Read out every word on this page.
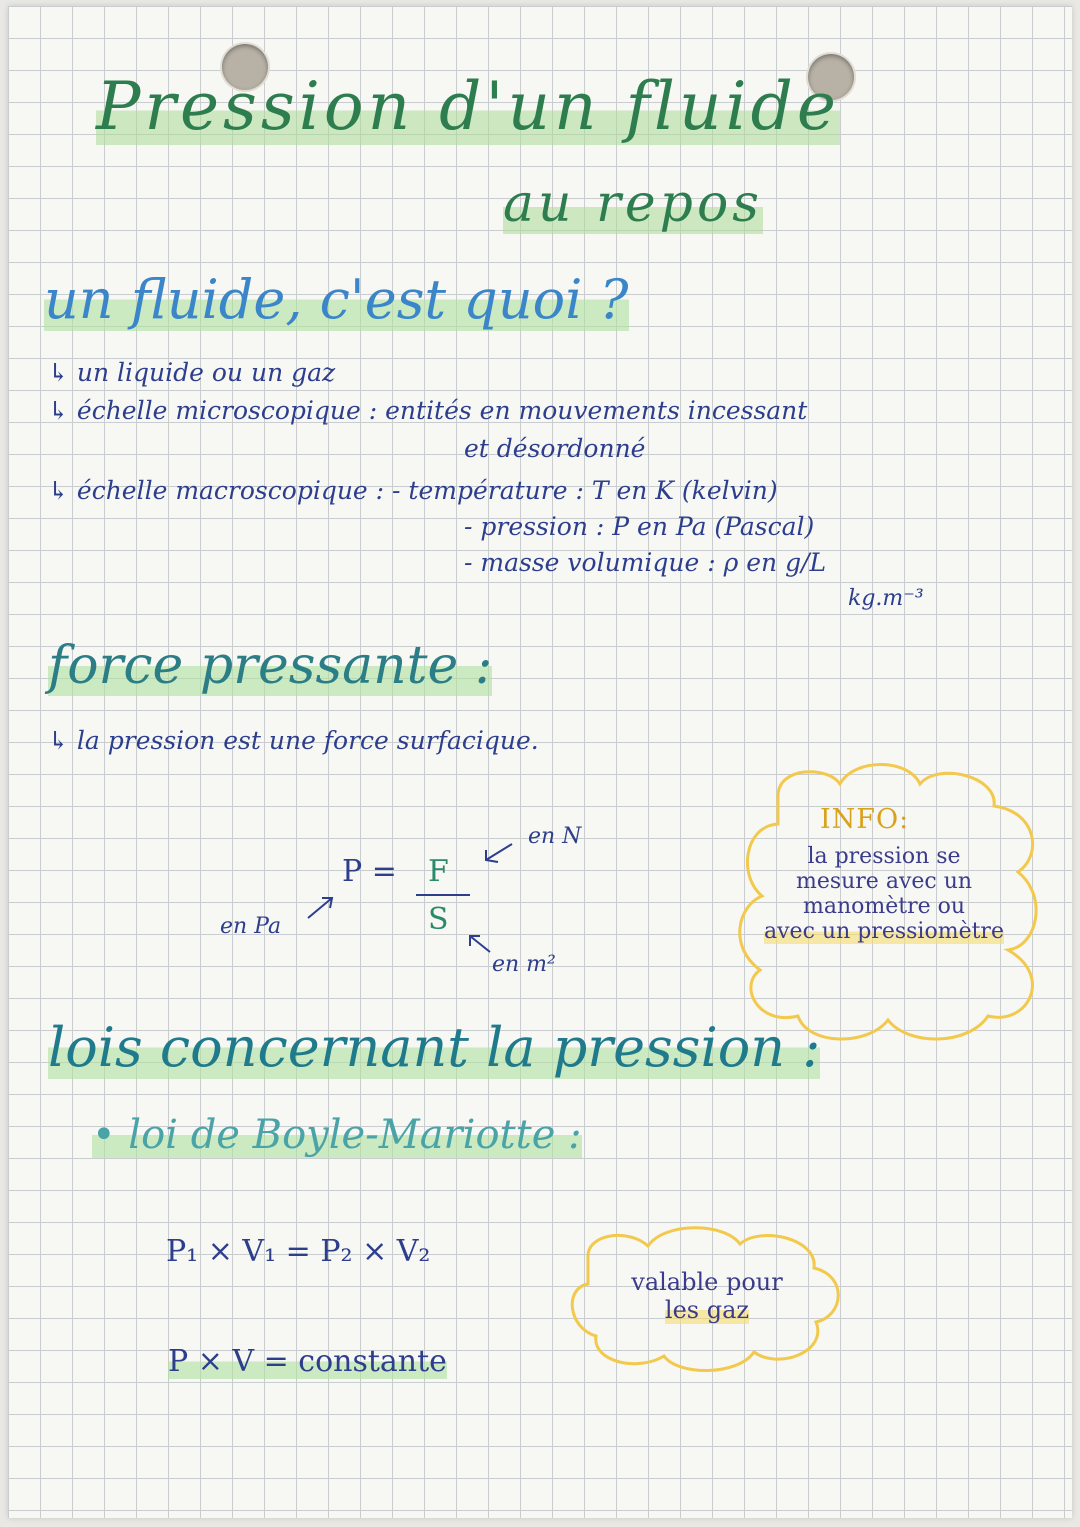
Pression d'un fluide
au repos
un fluide, c'est quoi ?
↳ un liquide ou un gaz
↳ échelle microscopique : entités en mouvements incessant
et désordonné
↳ échelle macroscopique : - température : T en K (kelvin)
- pression : P en Pa (Pascal)
- masse volumique : ρ en g/L
kg.m⁻³
force pressante :
↳ la pression est une force surfacique.
P = F
S
en N
en Pa
en m²
INFO:
la pression se
mesure avec un
manomètre ou
avec un pressiomètre
lois concernant la pression :
• loi de Boyle-Mariotte :
P₁ × V₁ = P₂ × V₂
P × V = constante
valable pour
les gaz
